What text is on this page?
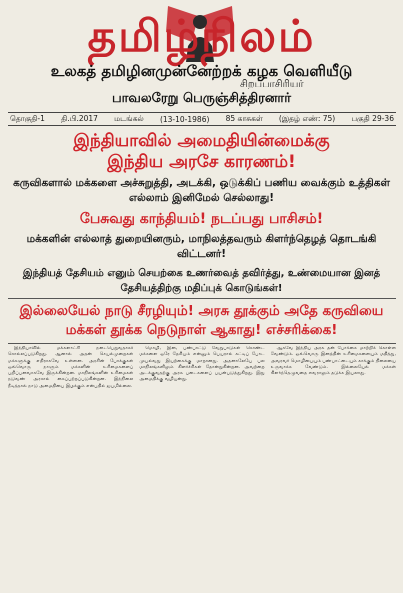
தமிழ்நிலம்
உலகத் தமிழினமுன்னேற்றக் கழக வெளியீடு
சிறப்பாசிரியர்
பாவலரேறு பெருஞ்சித்திரனார்
தொகுதி-1 தி.பி.2017 மடங்கல் (13-10-1986) 85 காசுகள் (இதழ் எண்: 75) பகுதி 29-36
இந்தியாவில் அமைதியின்மைக்கு
இந்திய அரசே காரணம்!
கருவிகளால் மக்களை அச்சுறுத்தி, அடக்கி, ஒடுக்கிப் பணிய வைக்கும் உத்திகள் எல்லாம் இனிமேல் செல்லாது!
பேசுவது காந்தியம்! நடப்பது பாசிசம்!
மக்களின் எல்லாத் துறையினரும், மாநிலத்தவரும் கிளர்ந்தெழத் தொடங்கி விட்டனர்!
இந்தியத் தேசியம் எனும் செயற்கை உணர்வைத் தவிர்த்து, உண்மையான இனத் தேசியத்திற்கு மதிப்புக் கொடுங்கள்!
இல்லையேல் நாடு சீரழியும்! அரசு தூக்கும் அதே கருவியை
மக்கள் தூக்க நெடுநாள் ஆகாது! எச்சரிக்கை!

இந்தியாவில் மக்களாட்சி நடைபெறுவதாகச் சொல்லப்படுகிறது. ஆனால் அதன் செயல்முறைகள் மக்களுக்கு எதிராகவே உள்ளன. அரசின் போக்குகள் ஒவ்வொரு நாளும் மக்களின் உரிமைகளைப் பறிப்பனவாகவே இருக்கின்றன. மாநிலங்களின் உரிமைகள் நடுவண் அரசால் கைப்பற்றப்படுகின்றன. இந்நிலை நீடித்தால் நாடு அமைதியை இழக்கும் என்பதில் ஐயமில்லை.

மொழி, இன, பண்பாட்டு வேறுபாடுகள் கொண்ட மக்களை ஒரே தேசியம் என்னும் பெயரால் கட்டிப் போட முயல்வது இயற்கைக்கு மாறானது. அதனாலேயே பல மாநிலங்களிலும் கிளர்ச்சிகள் தோன்றுகின்றன. அவற்றை அடக்குவதற்கு அரசு படைகளைப் பயன்படுத்துகிறது. இது அமைதிக்கு வழியன்று.

ஆகவே இந்திய அரசு தன் போக்கை மாற்றிக் கொள்ள வேண்டும். ஒவ்வொரு இனத்தின் உரிமைகளையும் மதித்து, அவரவர் மொழியையும் பண்பாட்டையும் காக்கும் நிலையை உருவாக்க வேண்டும். இல்லையேல் மக்கள் கிளர்ந்தெழுவதை எவராலும் தடுக்க இயலாது.
